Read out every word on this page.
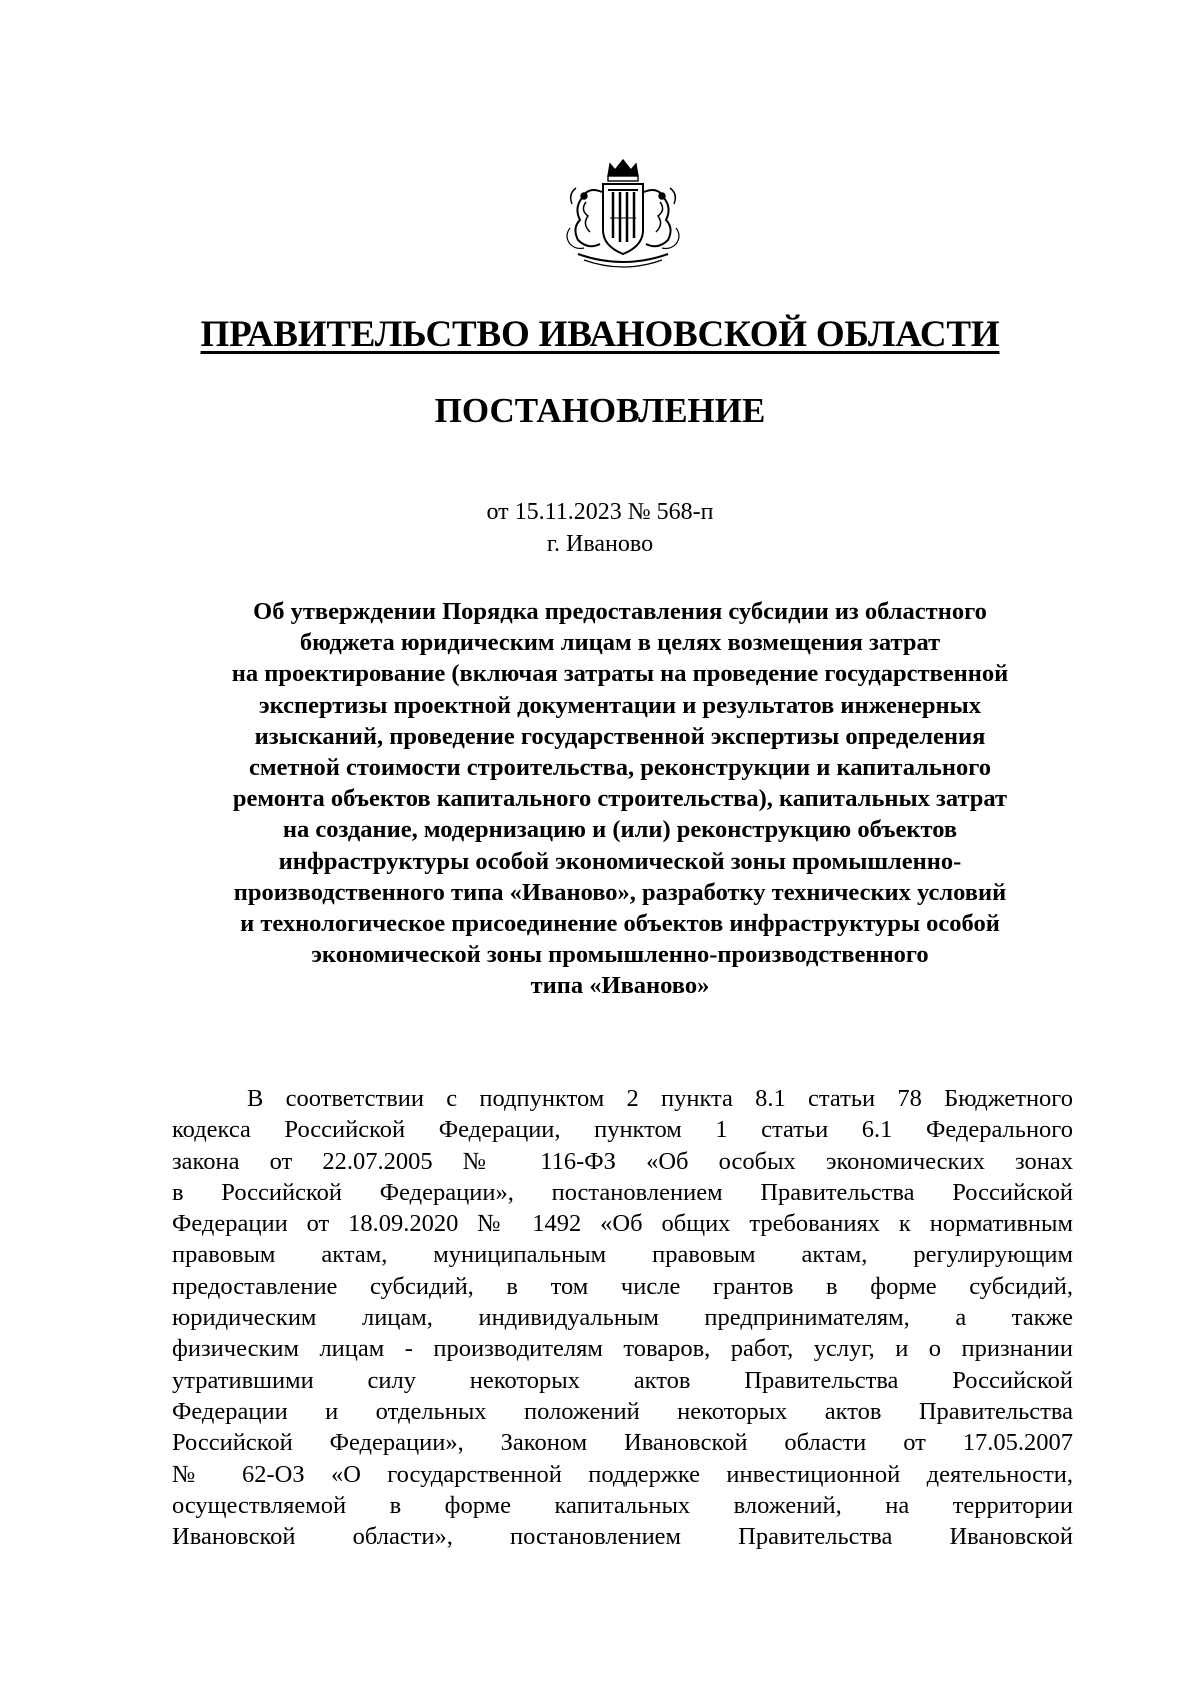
ПРАВИТЕЛЬСТВО ИВАНОВСКОЙ ОБЛАСТИ
ПОСТАНОВЛЕНИЕ
от 15.11.2023 № 568-п
г. Иваново
Об утверждении Порядка предоставления субсидии из областного
бюджета юридическим лицам в целях возмещения затрат
на проектирование (включая затраты на проведение государственной
экспертизы проектной документации и результатов инженерных
изысканий, проведение государственной экспертизы определения
сметной стоимости строительства, реконструкции и капитального
ремонта объектов капитального строительства), капитальных затрат
на создание, модернизацию и (или) реконструкцию объектов
инфраструктуры особой экономической зоны промышленно-
производственного типа «Иваново», разработку технических условий
и технологическое присоединение объектов инфраструктуры особой
экономической зоны промышленно-производственного
типа «Иваново»
В соответствии с подпунктом 2 пункта 8.1 статьи 78 Бюджетного
кодекса Российской Федерации, пунктом 1 статьи 6.1 Федерального
закона от 22.07.2005 № 116-ФЗ «Об особых экономических зонах
в Российской Федерации», постановлением Правительства Российской
Федерации от 18.09.2020 № 1492 «Об общих требованиях к нормативным
правовым актам, муниципальным правовым актам, регулирующим
предоставление субсидий, в том числе грантов в форме субсидий,
юридическим лицам, индивидуальным предпринимателям, а также
физическим лицам - производителям товаров, работ, услуг, и о признании
утратившими силу некоторых актов Правительства Российской
Федерации и отдельных положений некоторых актов Правительства
Российской Федерации», Законом Ивановской области от 17.05.2007
№ 62-ОЗ «О государственной поддержке инвестиционной деятельности,
осуществляемой в форме капитальных вложений, на территории
Ивановской области», постановлением Правительства Ивановской
